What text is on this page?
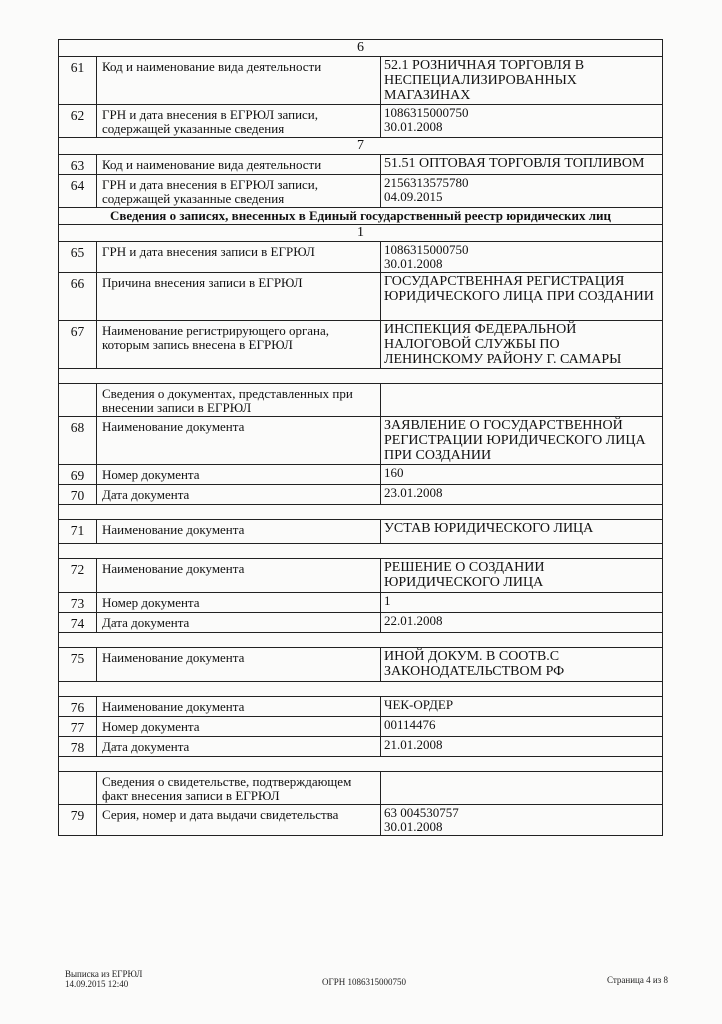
6		
61	Код и наименование вида деятельности	52.1 РОЗНИЧНАЯ ТОРГОВЛЯ В НЕСПЕЦИАЛИЗИРОВАННЫХ МАГАЗИНАХ
62	ГРН и дата внесения в ЕГРЮЛ записи, содержащей указанные сведения	1086315000750
30.01.2008

7		
63	Код и наименование вида деятельности	51.51 ОПТОВАЯ ТОРГОВЛЯ ТОПЛИВОМ
64	ГРН и дата внесения в ЕГРЮЛ записи, содержащей указанные сведения	2156313575780
04.09.2015

Сведения о записях, внесенных в Единый государственный реестр юридических лиц		
1		
65	ГРН и дата внесения записи в ЕГРЮЛ	1086315000750
30.01.2008

66	Причина внесения записи в ЕГРЮЛ	ГОСУДАРСТВЕННАЯ РЕГИСТРАЦИЯ ЮРИДИЧЕСКОГО ЛИЦА ПРИ СОЗДАНИИ
67	Наименование регистрирующего органа, которым запись внесена в ЕГРЮЛ	ИНСПЕКЦИЯ ФЕДЕРАЛЬНОЙ НАЛОГОВОЙ СЛУЖБЫ ПО ЛЕНИНСКОМУ РАЙОНУ Г. САМАРЫ

	Сведения о документах, представленных при внесении записи в ЕГРЮЛ	
68	Наименование документа	ЗАЯВЛЕНИЕ О ГОСУДАРСТВЕННОЙ РЕГИСТРАЦИИ ЮРИДИЧЕСКОГО ЛИЦА ПРИ СОЗДАНИИ
69	Номер документа	160
70	Дата документа	23.01.2008

71	Наименование документа	УСТАВ ЮРИДИЧЕСКОГО ЛИЦА

72	Наименование документа	РЕШЕНИЕ О СОЗДАНИИ ЮРИДИЧЕСКОГО ЛИЦА
73	Номер документа	1
74	Дата документа	22.01.2008

75	Наименование документа	ИНОЙ ДОКУМ. В СООТВ.С ЗАКОНОДАТЕЛЬСТВОМ РФ

76	Наименование документа	ЧЕК-ОРДЕР
77	Номер документа	00114476
78	Дата документа	21.01.2008

	Сведения о свидетельстве, подтверждающем факт внесения записи в ЕГРЮЛ	
79	Серия, номер и дата выдачи свидетельства	63 004530757
30.01.2008
Выписка из ЕГРЮЛ
14.09.2015 12:40	ОГРН 1086315000750	Страница 4 из 8
